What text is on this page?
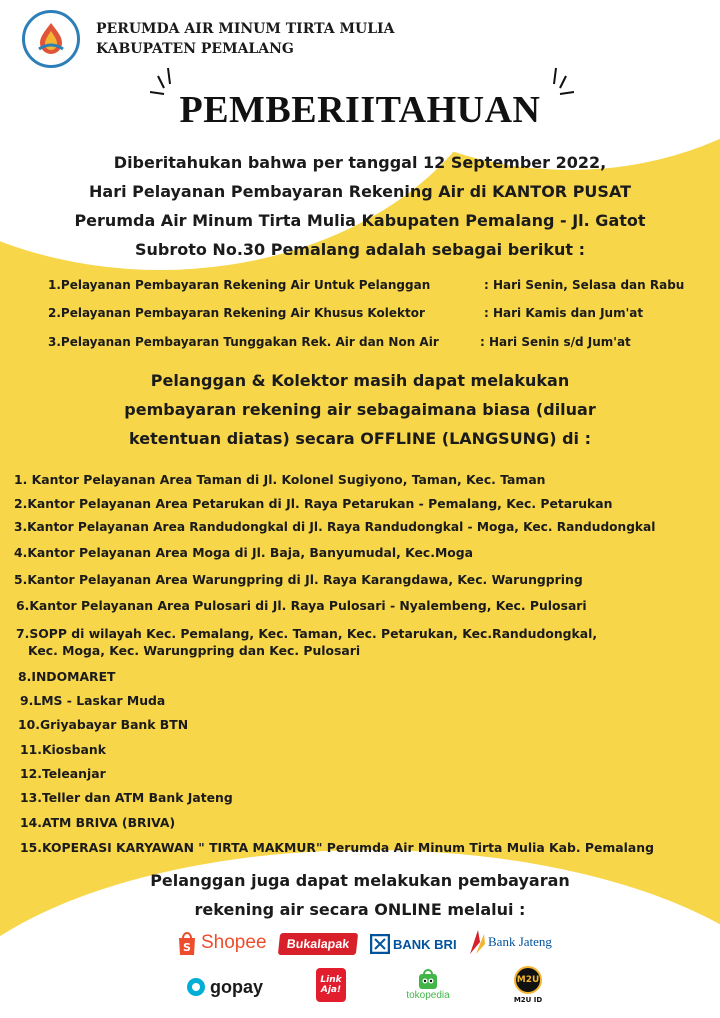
PERUMDA AIR MINUM TIRTA MULIA
KABUPATEN PEMALANG
PEMBERIITAHUAN
Diberitahukan bahwa per tanggal 12 September 2022,
Hari Pelayanan Pembayaran Rekening Air di KANTOR PUSAT
Perumda Air Minum Tirta Mulia Kabupaten Pemalang - Jl. Gatot
Subroto No.30 Pemalang adalah sebagai berikut :
1.Pelayanan Pembayaran Rekening Air Untuk Pelanggan	: Hari Senin, Selasa dan Rabu
2.Pelayanan Pembayaran Rekening Air Khusus Kolektor	: Hari Kamis dan Jum'at
3.Pelayanan Pembayaran Tunggakan Rek. Air dan Non Air	: Hari Senin s/d Jum'at
Pelanggan & Kolektor masih dapat melakukan
pembayaran rekening air sebagaimana biasa (diluar
ketentuan diatas) secara OFFLINE (LANGSUNG) di :
1. Kantor Pelayanan Area Taman di Jl. Kolonel Sugiyono, Taman, Kec. Taman
2.Kantor Pelayanan Area Petarukan di Jl. Raya Petarukan - Pemalang, Kec. Petarukan
3.Kantor Pelayanan Area Randudongkal di Jl. Raya Randudongkal - Moga, Kec. Randudongkal
4.Kantor Pelayanan Area Moga di Jl. Baja, Banyumudal, Kec.Moga
5.Kantor Pelayanan Area Warungpring di Jl. Raya Karangdawa, Kec. Warungpring
6.Kantor Pelayanan Area Pulosari di Jl. Raya Pulosari - Nyalembeng, Kec. Pulosari
7.SOPP di wilayah Kec. Pemalang, Kec. Taman, Kec. Petarukan, Kec.Randudongkal,
Kec. Moga, Kec. Warungpring dan Kec. Pulosari
8.INDOMARET
9.LMS - Laskar Muda
10.Griyabayar Bank BTN
11.Kiosbank
12.Teleanjar
13.Teller dan ATM Bank Jateng
14.ATM BRIVA (BRIVA)
15.KOPERASI KARYAWAN " TIRTA MAKMUR" Perumda Air Minum Tirta Mulia Kab. Pemalang
Pelanggan juga dapat melakukan pembayaran
rekening air secara ONLINE melalui :
S Shopee Bukalapak	BANK BRI Bank Jateng
gopay	Link
Aja!	tokopedia
M2U
M2U ID
